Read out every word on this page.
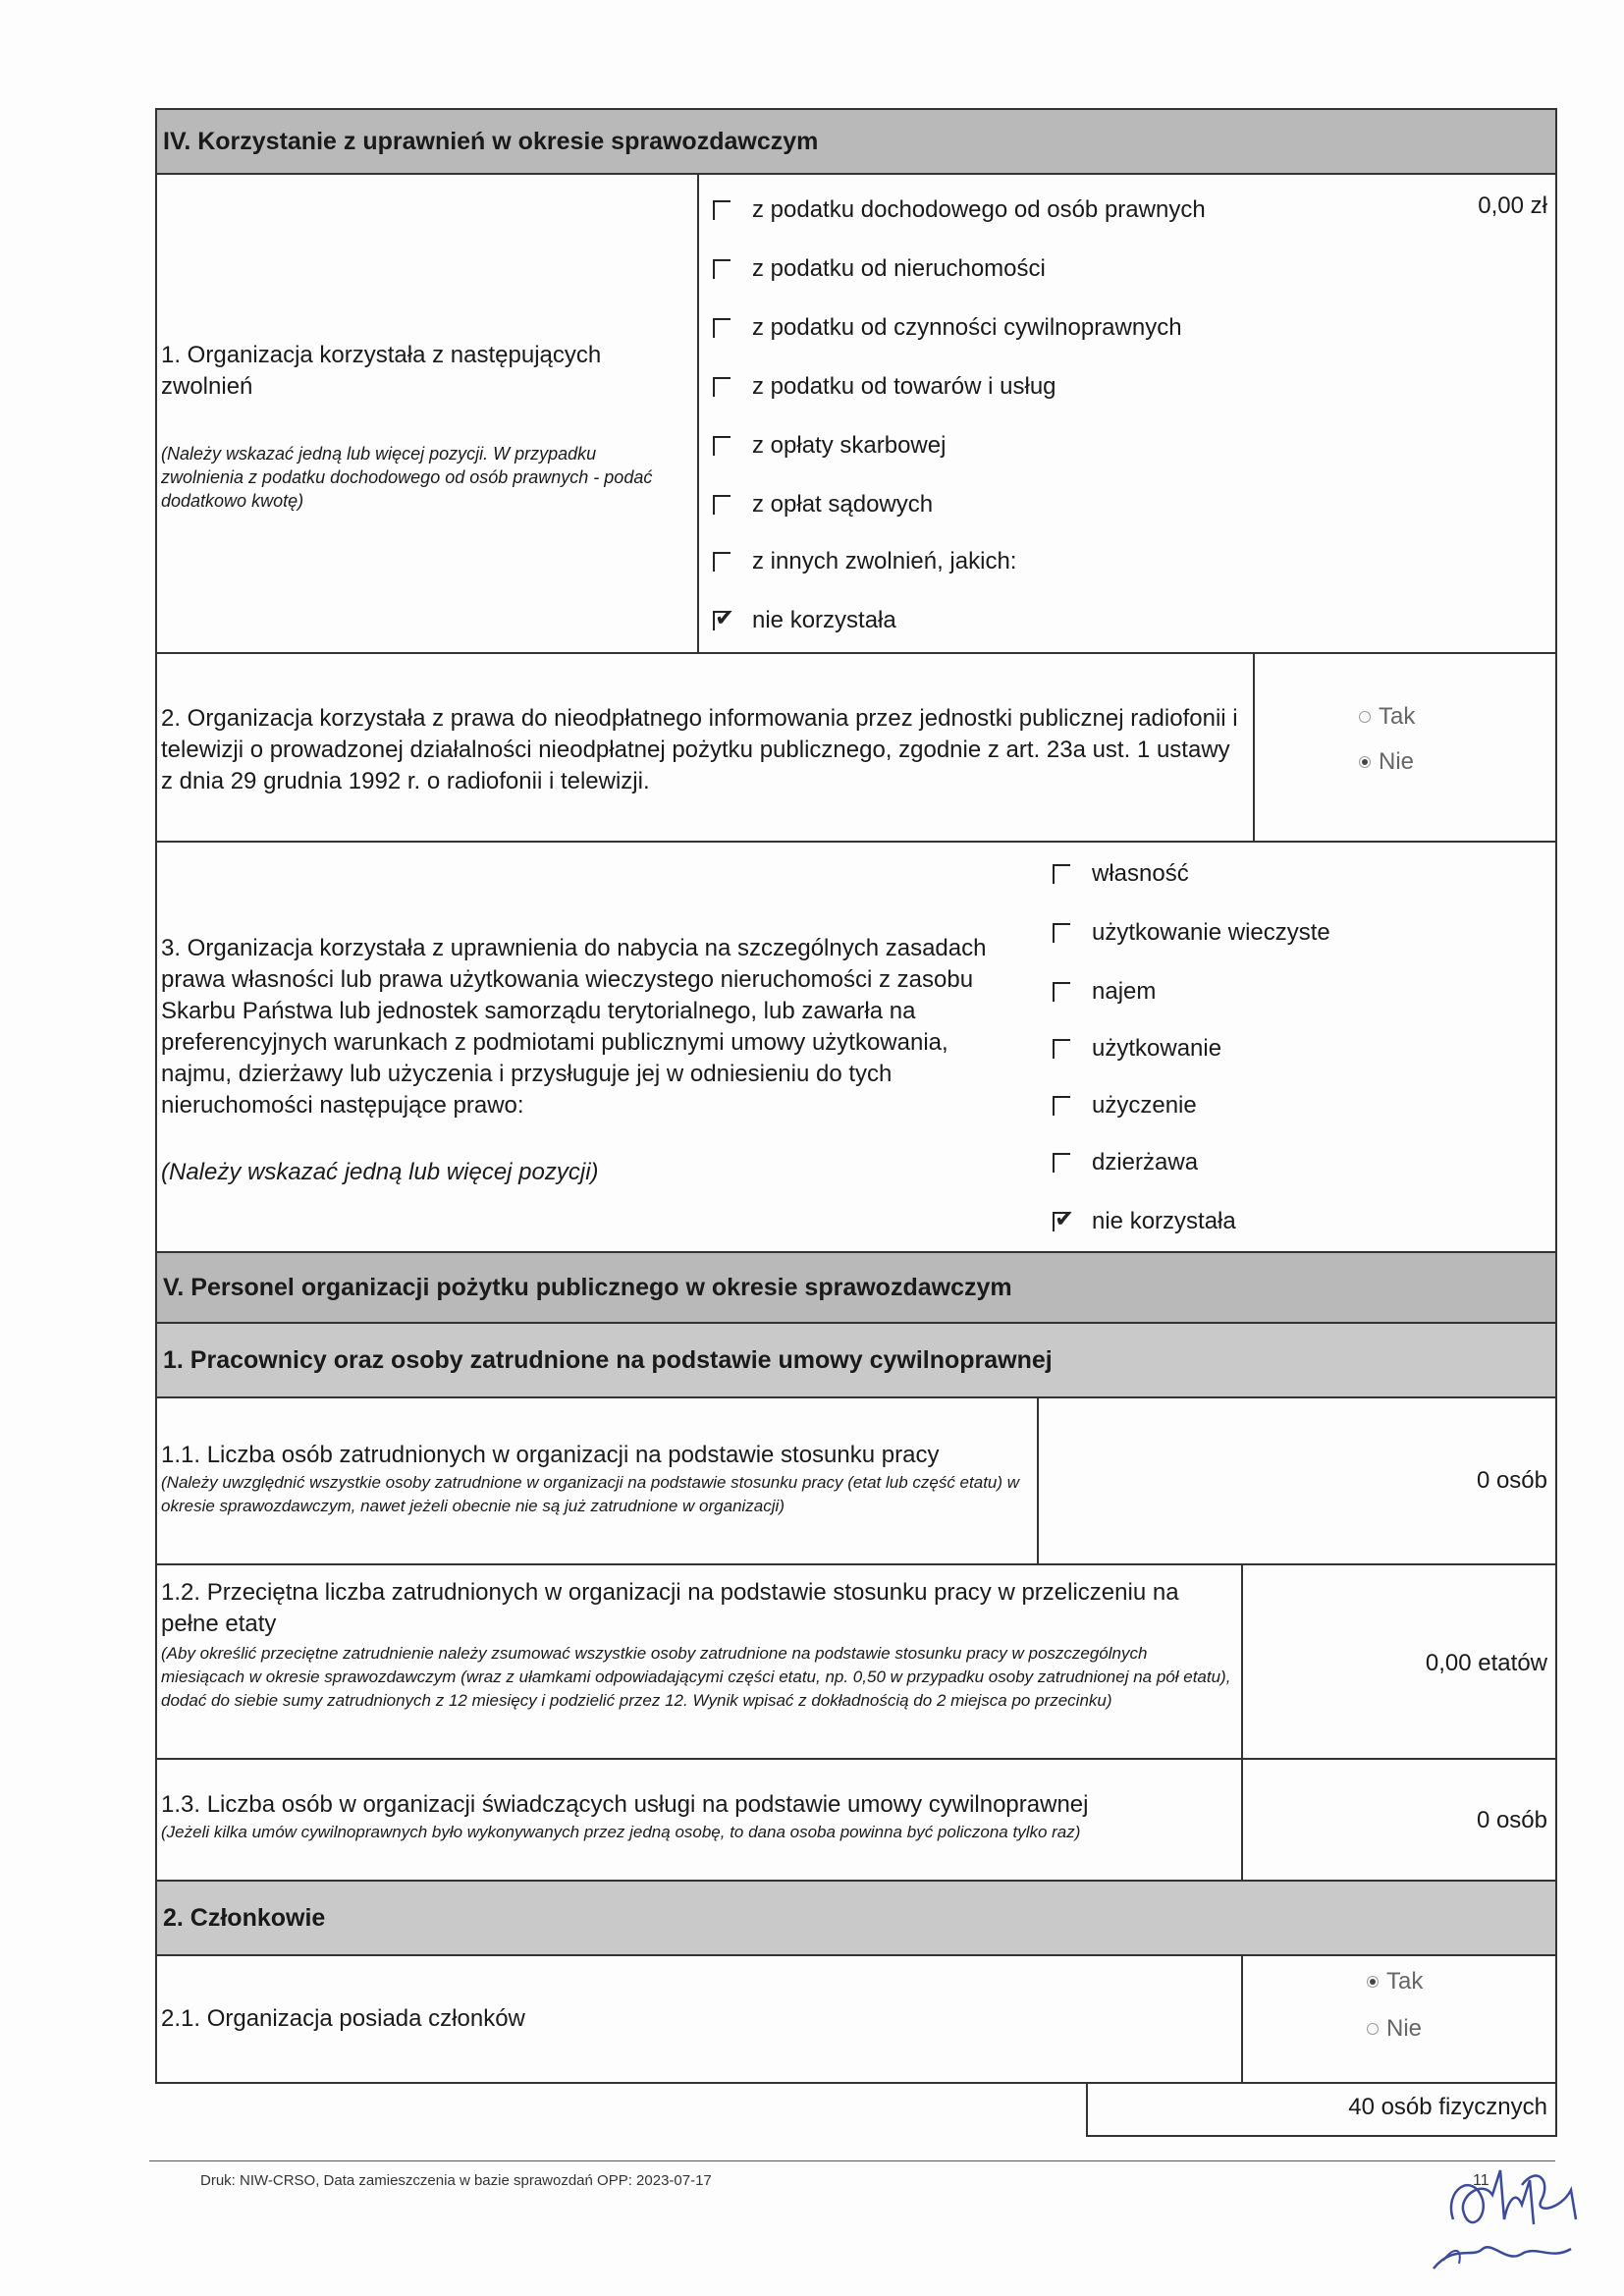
IV. Korzystanie z uprawnień w okresie sprawozdawczym
1. Organizacja korzystała z następujących zwolnień
(Należy wskazać jedną lub więcej pozycji. W przypadku zwolnienia z podatku dochodowego od osób prawnych - podać dodatkowo kwotę)
0,00 zł
z podatku dochodowego od osób prawnych
z podatku od nieruchomości
z podatku od czynności cywilnoprawnych
z podatku od towarów i usług
z opłaty skarbowej
z opłat sądowych
z innych zwolnień, jakich:
✔ nie korzystała
2. Organizacja korzystała z prawa do nieodpłatnego informowania przez jednostki publicznej radiofonii i telewizji o prowadzonej działalności nieodpłatnej pożytku publicznego, zgodnie z art. 23a ust. 1 ustawy z dnia 29 grudnia 1992 r. o radiofonii i telewizji.
Tak
Nie
3. Organizacja korzystała z uprawnienia do nabycia na szczególnych zasadach prawa własności lub prawa użytkowania wieczystego nieruchomości z zasobu Skarbu Państwa lub jednostek samorządu terytorialnego, lub zawarła na preferencyjnych warunkach z podmiotami publicznymi umowy użytkowania, najmu, dzierżawy lub użyczenia i przysługuje jej w odniesieniu do tych nieruchomości następujące prawo:
(Należy wskazać jedną lub więcej pozycji)
własność
użytkowanie wieczyste
najem
użytkowanie
użyczenie
dzierżawa
✔ nie korzystała
V. Personel organizacji pożytku publicznego w okresie sprawozdawczym
1. Pracownicy oraz osoby zatrudnione na podstawie umowy cywilnoprawnej
1.1. Liczba osób zatrudnionych w organizacji na podstawie stosunku pracy
(Należy uwzględnić wszystkie osoby zatrudnione w organizacji na podstawie stosunku pracy (etat lub część etatu) w okresie sprawozdawczym, nawet jeżeli obecnie nie są już zatrudnione w organizacji)
0 osób
1.2. Przeciętna liczba zatrudnionych w organizacji na podstawie stosunku pracy w przeliczeniu na pełne etaty
(Aby określić przeciętne zatrudnienie należy zsumować wszystkie osoby zatrudnione na podstawie stosunku pracy w poszczególnych miesiącach w okresie sprawozdawczym (wraz z ułamkami odpowiadającymi części etatu, np. 0,50 w przypadku osoby zatrudnionej na pół etatu), dodać do siebie sumy zatrudnionych z 12 miesięcy i podzielić przez 12. Wynik wpisać z dokładnością do 2 miejsca po przecinku)
0,00 etatów
1.3. Liczba osób w organizacji świadczących usługi na podstawie umowy cywilnoprawnej
(Jeżeli kilka umów cywilnoprawnych było wykonywanych przez jedną osobę, to dana osoba powinna być policzona tylko raz)	0 osób
2. Członkowie
2.1. Organizacja posiada członków
Tak
Nie
40 osób fizycznych
Druk: NIW-CRSO, Data zamieszczenia w bazie sprawozdań OPP: 2023-07-17	11
